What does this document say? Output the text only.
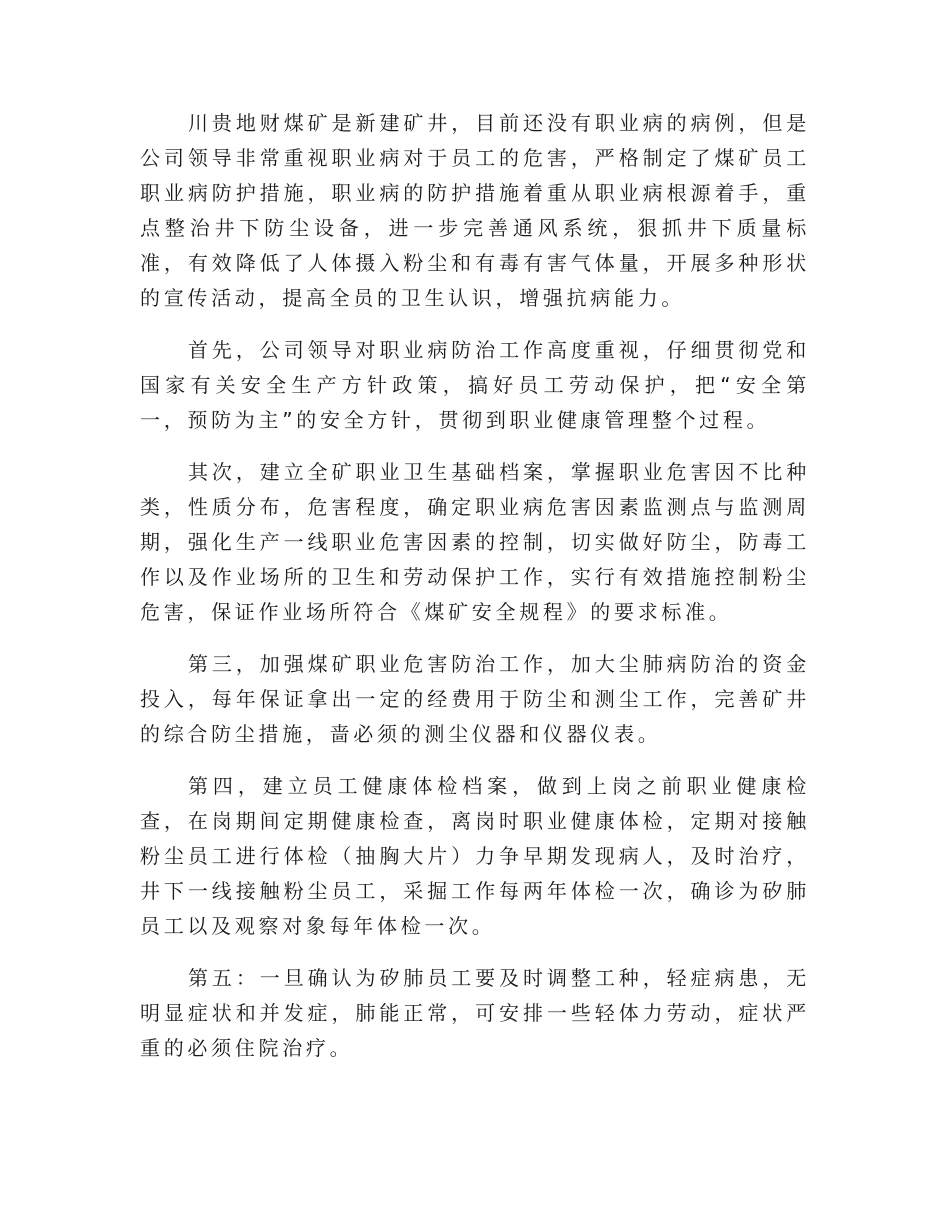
川贵地财煤矿是新建矿井，目前还没有职业病的病例，但是公司领导非常重视职业病对于员工的危害，严格制定了煤矿员工职业病防护措施，职业病的防护措施着重从职业病根源着手，重点整治井下防尘设备，进一步完善通风系统，狠抓井下质量标准，有效降低了人体摄入粉尘和有毒有害气体量，开展多种形状的宣传活动，提高全员的卫生认识，增强抗病能力。

首先，公司领导对职业病防治工作高度重视，仔细贯彻党和国家有关安全生产方针政策，搞好员工劳动保护，把“安全第一，预防为主”的安全方针，贯彻到职业健康管理整个过程。

其次，建立全矿职业卫生基础档案，掌握职业危害因不比种类，性质分布，危害程度，确定职业病危害因素监测点与监测周期，强化生产一线职业危害因素的控制，切实做好防尘，防毒工作以及作业场所的卫生和劳动保护工作，实行有效措施控制粉尘危害，保证作业场所符合《煤矿安全规程》的要求标准。

第三，加强煤矿职业危害防治工作，加大尘肺病防治的资金投入，每年保证拿出一定的经费用于防尘和测尘工作，完善矿井的综合防尘措施，啬必须的测尘仪器和仪器仪表。

第四，建立员工健康体检档案，做到上岗之前职业健康检查，在岗期间定期健康检查，离岗时职业健康体检，定期对接触粉尘员工进行体检（抽胸大片）力争早期发现病人，及时治疗，井下一线接触粉尘员工，采掘工作每两年体检一次，确诊为矽肺员工以及观察对象每年体检一次。

第五：一旦确认为矽肺员工要及时调整工种，轻症病患，无明显症状和并发症，肺能正常，可安排一些轻体力劳动，症状严重的必须住院治疗。
